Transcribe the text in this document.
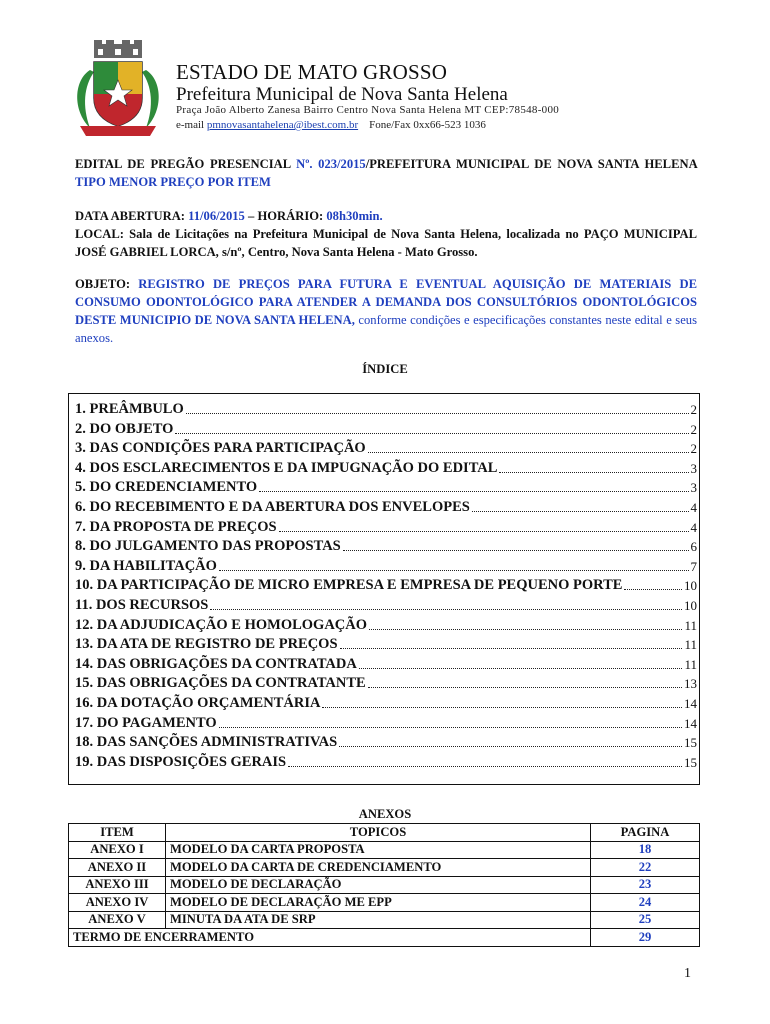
ESTADO DE MATO GROSSO
Prefeitura Municipal de Nova Santa Helena
Praça João Alberto Zanesa Bairro Centro Nova Santa Helena MT CEP:78548-000
e-mail pmnovasantahelena@ibest.com.br Fone/Fax 0xx66-523 1036
EDITAL DE PREGÃO PRESENCIAL Nº. 023/2015/PREFEITURA MUNICIPAL DE NOVA SANTA HELENA TIPO MENOR PREÇO POR ITEM
DATA ABERTURA: 11/06/2015 – HORÁRIO: 08h30min.
LOCAL: Sala de Licitações na Prefeitura Municipal de Nova Santa Helena, localizada no PAÇO MUNICIPAL JOSÉ GABRIEL LORCA, s/nº, Centro, Nova Santa Helena - Mato Grosso.
OBJETO: REGISTRO DE PREÇOS PARA FUTURA E EVENTUAL AQUISIÇÃO DE MATERIAIS DE CONSUMO ODONTOLÓGICO PARA ATENDER A DEMANDA DOS CONSULTÓRIOS ODONTOLÓGICOS DESTE MUNICIPIO DE NOVA SANTA HELENA, conforme condições e especificações constantes neste edital e seus anexos.
ÍNDICE
1. PREÂMBULO	2
2. DO OBJETO	2
3. DAS CONDIÇÕES PARA PARTICIPAÇÃO	2
4. DOS ESCLARECIMENTOS E DA IMPUGNAÇÃO DO EDITAL	3
5. DO CREDENCIAMENTO	3
6. DO RECEBIMENTO E DA ABERTURA DOS ENVELOPES	4
7. DA PROPOSTA DE PREÇOS	4
8. DO JULGAMENTO DAS PROPOSTAS	6
9. DA HABILITAÇÃO	7
10. DA PARTICIPAÇÃO DE MICRO EMPRESA E EMPRESA DE PEQUENO PORTE	10
11. DOS RECURSOS	10
12. DA ADJUDICAÇÃO E HOMOLOGAÇÃO	11
13. DA ATA DE REGISTRO DE PREÇOS	11
14. DAS OBRIGAÇÕES DA CONTRATADA	11
15. DAS OBRIGAÇÕES DA CONTRATANTE	13
16. DA DOTAÇÃO ORÇAMENTÁRIA	14
17. DO PAGAMENTO	14
18. DAS SANÇÕES ADMINISTRATIVAS	15
19. DAS DISPOSIÇÕES GERAIS	15
ANEXOS
ITEM	TOPICOS	PAGINA
ANEXO I	MODELO DA CARTA PROPOSTA	18
ANEXO II	MODELO DA CARTA DE CREDENCIAMENTO	22
ANEXO III	MODELO DE DECLARAÇÃO	23
ANEXO IV	MODELO DE DECLARAÇÃO ME EPP	24
ANEXO V	MINUTA DA ATA DE SRP	25
TERMO DE ENCERRAMENTO		29
1
